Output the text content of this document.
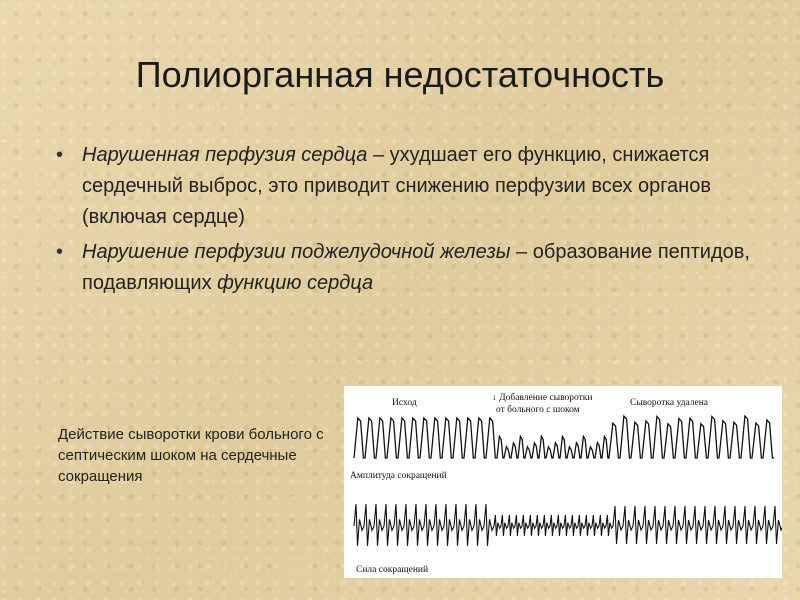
Полиорганная недостаточность
• Нарушенная перфузия сердца – ухудшает его функцию, снижается сердечный выброс, это приводит снижению перфузии всех органов (включая сердце)
• Нарушение перфузии поджелудочной железы – образование пептидов, подавляющих функцию сердца
Действие сыворотки крови больного с септическим шоком на сердечные сокращения
Исход	↓ Добавление сыворотки
от больного с шоком
Сыворотка удалена
Амплитуда сокращений
Сила сокращений
